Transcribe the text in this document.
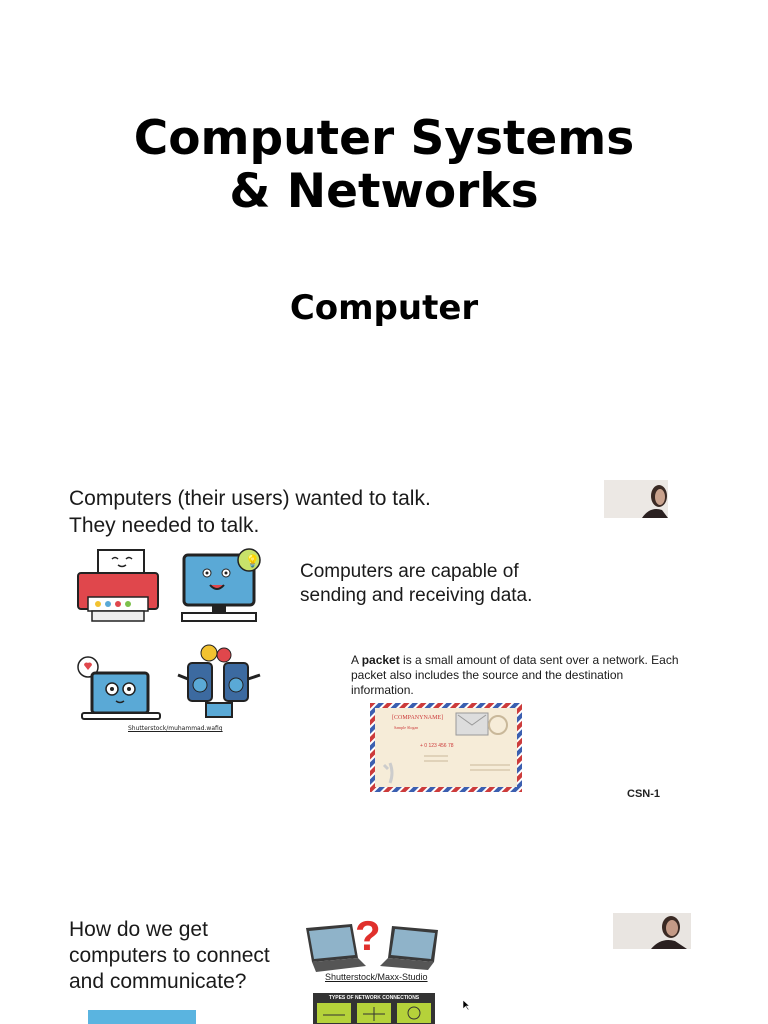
Computer Systems
& Networks
Computer
Computers (their users) wanted to talk.
They needed to talk.
💡
Shutterstock/muhammad.wafiq
Computers are capable of
sending and receiving data.
A packet is a small amount of data sent over a network. Each packet also includes the source and the destination information.
[COMPANYNAME]
Sample Slogan
+ 0 123 456 78
CSN-1
How do we get computers to connect and communicate?
?
Shutterstock/Maxx-Studio
TYPES OF NETWORK CONNECTIONS
